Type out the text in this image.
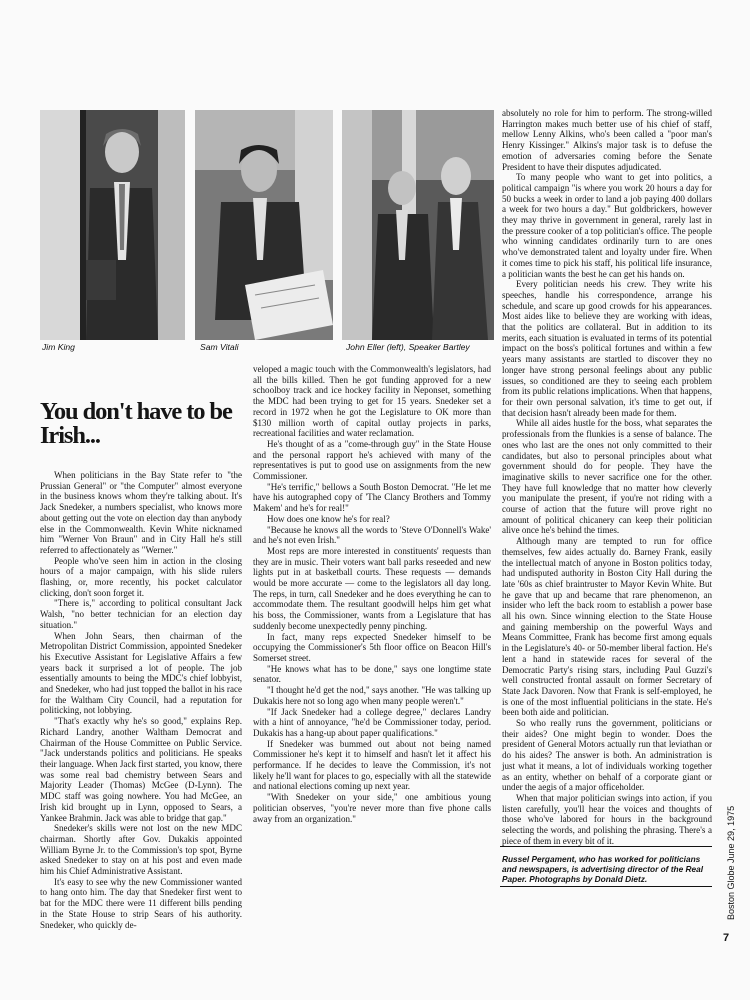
Jim King	Sam Vitali	John Eller (left), Speaker Bartley
You don't have to be Irish...

When politicians in the Bay State refer to "the Prussian General" or "the Computer" almost everyone in the business knows whom they're talking about. It's Jack Snedeker, a numbers specialist, who knows more about getting out the vote on election day than anybody else in the Commonwealth. Kevin White nicknamed him "Werner Von Braun" and in City Hall he's still referred to affectionately as "Werner."

People who've seen him in action in the closing hours of a major campaign, with his slide rulers flashing, or, more recently, his pocket calculator clicking, don't soon forget it.

"There is," according to political consultant Jack Walsh, "no better technician for an election day situation."

When John Sears, then chairman of the Metropolitan District Commission, appointed Snedeker his Executive Assistant for Legislative Affairs a few years back it surprised a lot of people. The job essentially amounts to being the MDC's chief lobbyist, and Snedeker, who had just topped the ballot in his race for the Waltham City Council, had a reputation for politicking, not lobbying.

"That's exactly why he's so good," explains Rep. Richard Landry, another Waltham Democrat and Chairman of the House Committee on Public Service. "Jack understands politics and politicians. He speaks their language. When Jack first started, you know, there was some real bad chemistry between Sears and Majority Leader (Thomas) McGee (D-Lynn). The MDC staff was going nowhere. You had McGee, an Irish kid brought up in Lynn, opposed to Sears, a Yankee Brahmin. Jack was able to bridge that gap."

Snedeker's skills were not lost on the new MDC chairman. Shortly after Gov. Dukakis appointed William Byrne Jr. to the Commission's top spot, Byrne asked Snedeker to stay on at his post and even made him his Chief Administrative Assistant.

It's easy to see why the new Commissioner wanted to hang onto him. The day that Snedeker first went to bat for the MDC there were 11 different bills pending in the State House to strip Sears of his authority. Snedeker, who quickly de-

veloped a magic touch with the Commonwealth's legislators, had all the bills killed. Then he got funding approved for a new schoolboy track and ice hockey facility in Neponset, something the MDC had been trying to get for 15 years. Snedeker set a record in 1972 when he got the Legislature to OK more than $130 million worth of capital outlay projects in parks, recreational facilities and water reclamation.

He's thought of as a "come-through guy" in the State House and the personal rapport he's achieved with many of the representatives is put to good use on assignments from the new Commissioner.

"He's terrific," bellows a South Boston Democrat. "He let me have his autographed copy of 'The Clancy Brothers and Tommy Makem' and he's for real!"

How does one know he's for real?

"Because he knows all the words to 'Steve O'Donnell's Wake' and he's not even Irish."

Most reps are more interested in constituents' requests than they are in music. Their voters want ball parks reseeded and new lights put in at basketball courts. These requests — demands would be more accurate — come to the legislators all day long. The reps, in turn, call Snedeker and he does everything he can to accommodate them. The resultant goodwill helps him get what his boss, the Commissioner, wants from a Legislature that has suddenly become unexpectedly penny pinching.

In fact, many reps expected Snedeker himself to be occupying the Commissioner's 5th floor office on Beacon Hill's Somerset street.

"He knows what has to be done," says one longtime state senator.

"I thought he'd get the nod," says another. "He was talking up Dukakis here not so long ago when many people weren't."

"If Jack Snedeker had a college degree," declares Landry with a hint of annoyance, "he'd be Commissioner today, period. Dukakis has a hang-up about paper qualifications."

If Snedeker was bummed out about not being named Commissioner he's kept it to himself and hasn't let it affect his performance. If he decides to leave the Commission, it's not likely he'll want for places to go, especially with all the statewide and national elections coming up next year.

"With Snedeker on your side," one ambitious young politician observes, "you're never more than five phone calls away from an organization."

absolutely no role for him to perform. The strong-willed Harrington makes much better use of his chief of staff, mellow Lenny Alkins, who's been called a "poor man's Henry Kissinger." Alkins's major task is to defuse the emotion of adversaries coming before the Senate President to have their disputes adjudicated.

To many people who want to get into politics, a political campaign "is where you work 20 hours a day for 50 bucks a week in order to land a job paying 400 dollars a week for two hours a day." But goldbrickers, however they may thrive in government in general, rarely last in the pressure cooker of a top politician's office. The people who winning candidates ordinarily turn to are ones who've demonstrated talent and loyalty under fire. When it comes time to pick his staff, his political life insurance, a politician wants the best he can get his hands on.

Every politician needs his crew. They write his speeches, handle his correspondence, arrange his schedule, and scare up good crowds for his appearances. Most aides like to believe they are working with ideas, that the politics are collateral. But in addition to its merits, each situation is evaluated in terms of its potential impact on the boss's political fortunes and within a few years many assistants are startled to discover they no longer have strong personal feelings about any public issues, so conditioned are they to seeing each problem from its public relations implications. When that happens, for their own personal salvation, it's time to get out, if that decision hasn't already been made for them.

While all aides hustle for the boss, what separates the professionals from the flunkies is a sense of balance. The ones who last are the ones not only committed to their candidates, but also to personal principles about what government should do for people. They have the imaginative skills to never sacrifice one for the other. They have full knowledge that no matter how cleverly you manipulate the present, if you're not riding with a course of action that the future will prove right no amount of political chicanery can keep their politician alive once he's behind the times.

Although many are tempted to run for office themselves, few aides actually do. Barney Frank, easily the intellectual match of anyone in Boston politics today, had undisputed authority in Boston City Hall during the late '60s as chief braintruster to Mayor Kevin White. But he gave that up and became that rare phenomenon, an insider who left the back room to establish a power base all his own. Since winning election to the State House and gaining membership on the powerful Ways and Means Committee, Frank has become first among equals in the Legislature's 40- or 50-member liberal faction. He's lent a hand in statewide races for several of the Democratic Party's rising stars, including Paul Guzzi's well constructed frontal assault on former Secretary of State Jack Davoren. Now that Frank is self-employed, he is one of the most influential politicians in the state. He's been both aide and politician.

So who really runs the government, politicians or their aides? One might begin to wonder. Does the president of General Motors actually run that leviathan or do his aides? The answer is both. An administration is just what it means, a lot of individuals working together as an entity, whether on behalf of a corporate giant or under the aegis of a major officeholder.

When that major politician swings into action, if you listen carefully, you'll hear the voices and thoughts of those who've labored for hours in the background selecting the words, and polishing the phrasing. There's a piece of them in every bit of it.

Russel Pergament, who has worked for politicians and newspapers, is advertising director of the Real Paper. Photographs by Donald Dietz.	Boston Globe June 29, 1975
7
